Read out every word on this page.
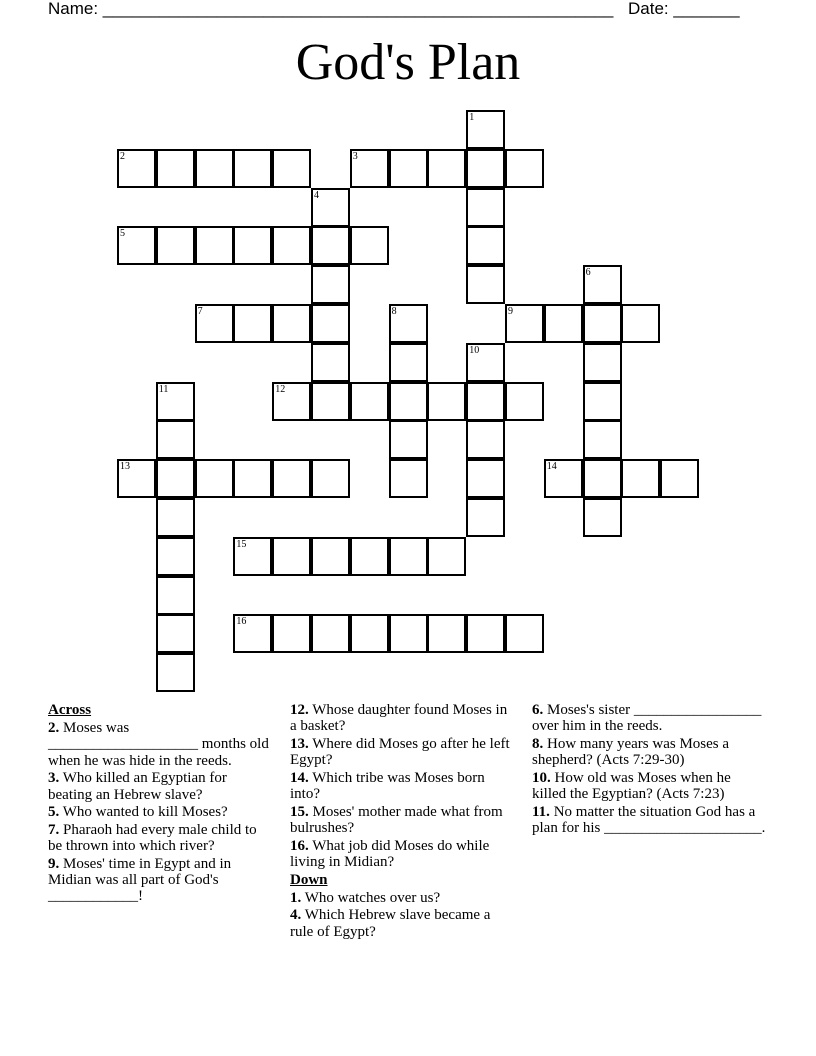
Name: ______________________________________________________ Date: _______
God's Plan
1
2	3
4
5
6
7	8	9
10
11	12
13	14
15
16
Across
2. Moses was ____________________ months old when he was hide in the reeds.
3. Who killed an Egyptian for beating an Hebrew slave?
5. Who wanted to kill Moses?
7. Pharaoh had every male child to be thrown into which river?
9. Moses' time in Egypt and in Midian was all part of God's ____________!
12. Whose daughter found Moses in a basket?
13. Where did Moses go after he left Egypt?
14. Which tribe was Moses born into?
15. Moses' mother made what from bulrushes?
16. What job did Moses do while living in Midian?
Down
1. Who watches over us?
4. Which Hebrew slave became a rule of Egypt?
6. Moses's sister _________________ over him in the reeds.
8. How many years was Moses a shepherd? (Acts 7:29-30)
10. How old was Moses when he killed the Egyptian? (Acts 7:23)
11. No matter the situation God has a plan for his _____________________.
